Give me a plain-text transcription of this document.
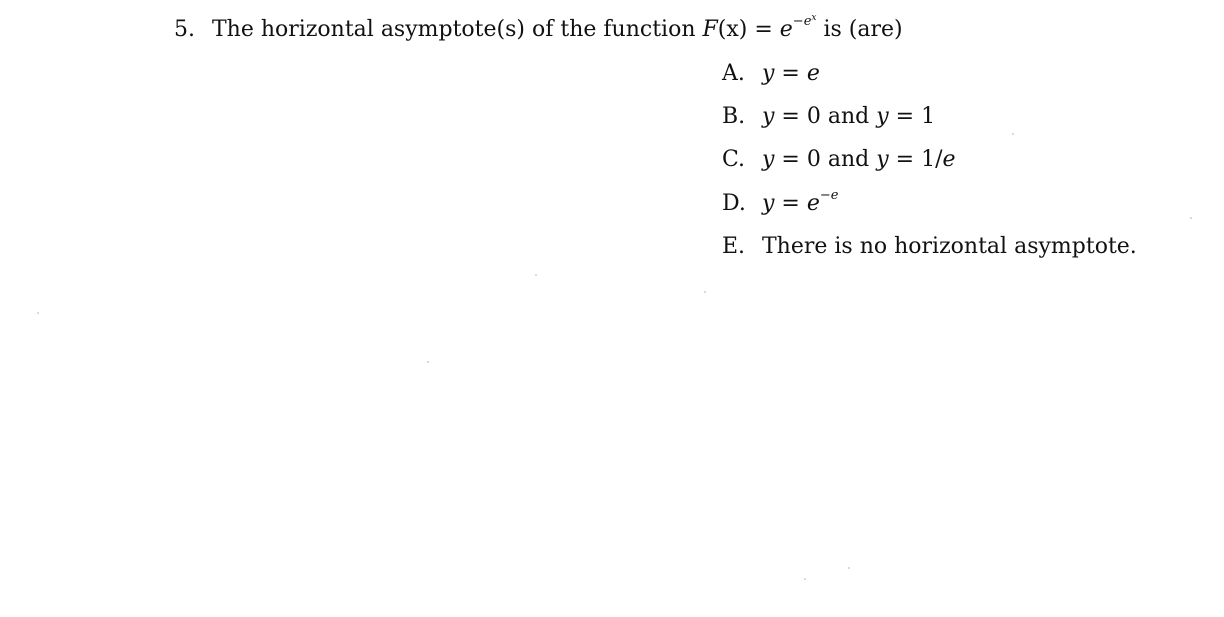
5. The horizontal asymptote(s) of the function $F(x) = e^{-e^x}$ is (are)
A. y = e
B. y = 0 and y = 1
C. y = 0 and y = 1/e
D. $y = e^{-e}$
E. There is no horizontal asymptote.
